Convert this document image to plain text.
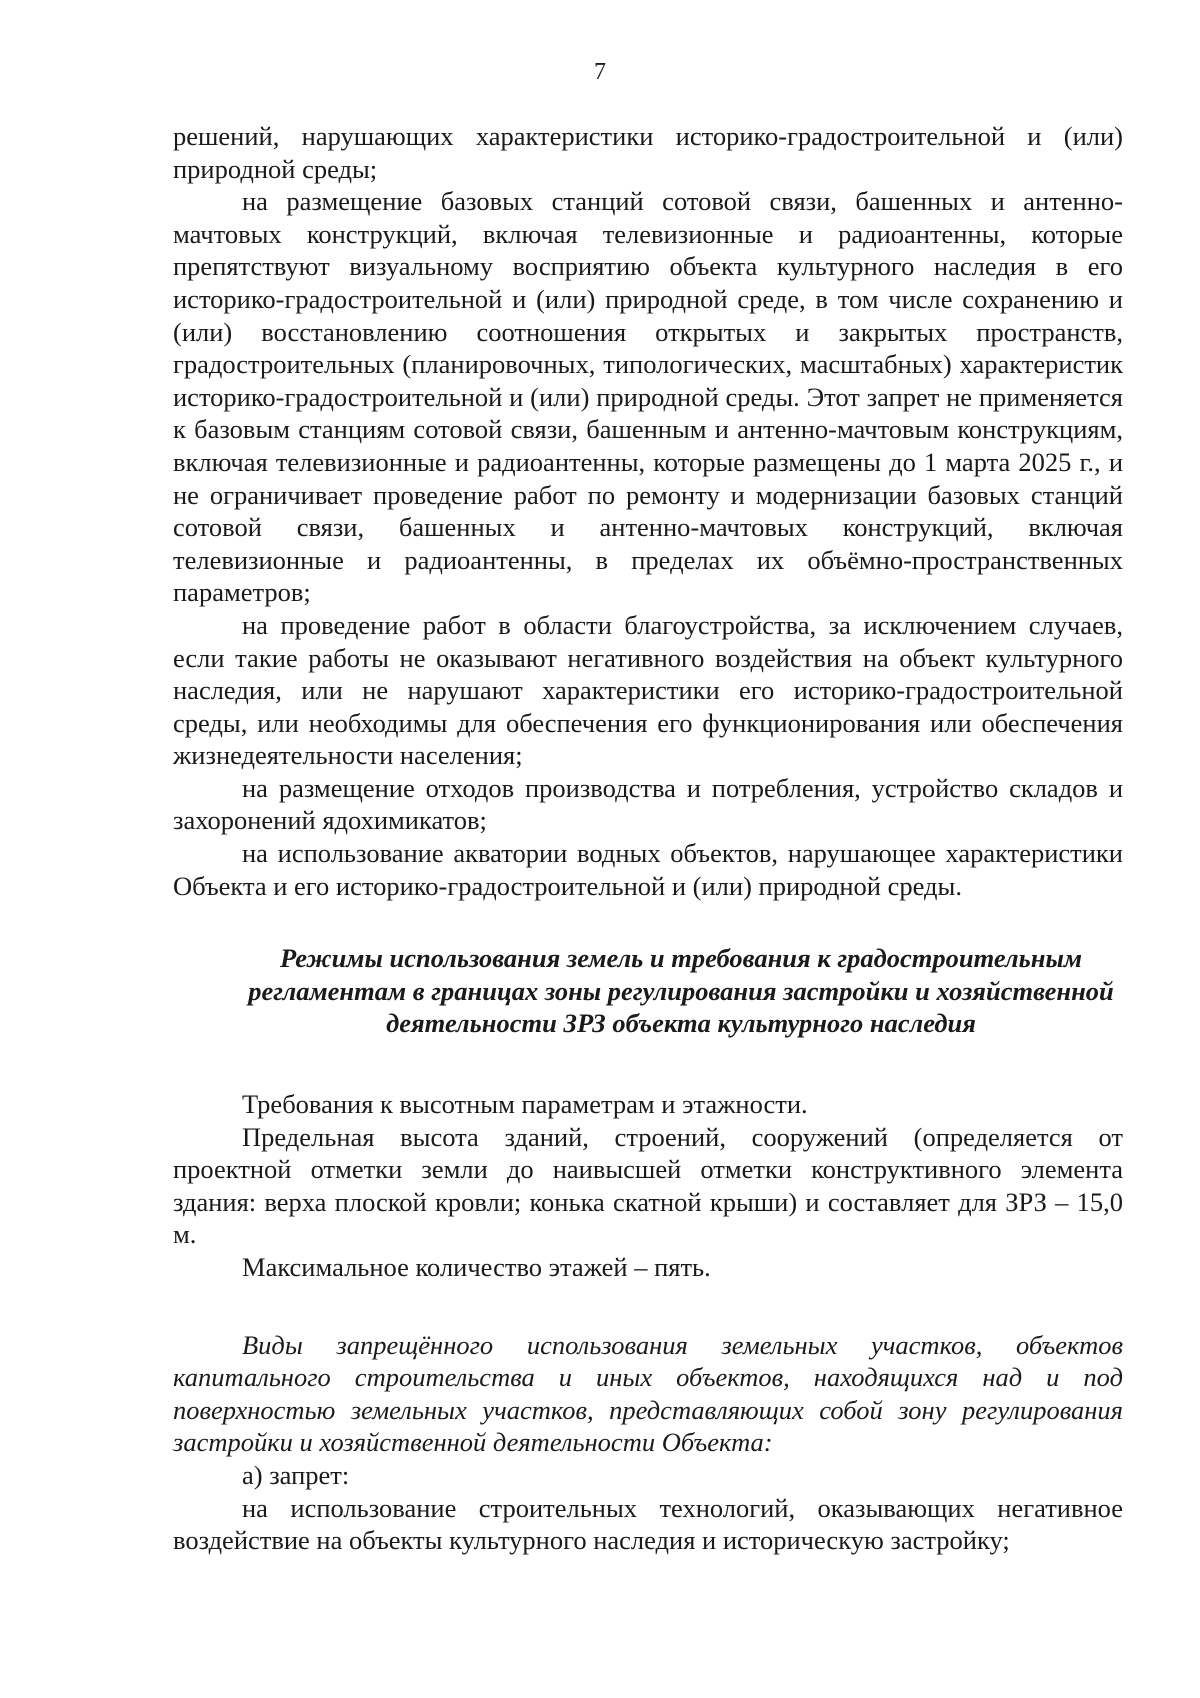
7

решений, нарушающих характеристики историко-градостроительной и (или) природной среды;

на размещение базовых станций сотовой связи, башенных и антенно-мачтовых конструкций, включая телевизионные и радиоантенны, которые препятствуют визуальному восприятию объекта культурного наследия в его историко-градостроительной и (или) природной среде, в том числе сохранению и (или) восстановлению соотношения открытых и закрытых пространств, градостроительных (планировочных, типологических, масштабных) характеристик историко-градостроительной и (или) природной среды. Этот запрет не применяется к базовым станциям сотовой связи, башенным и антенно-мачтовым конструкциям, включая телевизионные и радиоантенны, которые размещены до 1 марта 2025 г., и не ограничивает проведение работ по ремонту и модернизации базовых станций сотовой связи, башенных и антенно-мачтовых конструкций, включая телевизионные и радиоантенны, в пределах их объёмно-пространственных параметров;

на проведение работ в области благоустройства, за исключением случаев, если такие работы не оказывают негативного воздействия на объект культурного наследия, или не нарушают характеристики его историко-градостроительной среды, или необходимы для обеспечения его функционирования или обеспечения жизнедеятельности населения;

на размещение отходов производства и потребления, устройство складов и захоронений ядохимикатов;

на использование акватории водных объектов, нарушающее характеристики Объекта и его историко-градостроительной и (или) природной среды.

Режимы использования земель и требования к градостроительным
регламентам в границах зоны регулирования застройки и хозяйственной
деятельности ЗРЗ объекта культурного наследия

Требования к высотным параметрам и этажности.

Предельная высота зданий, строений, сооружений (определяется от проектной отметки земли до наивысшей отметки конструктивного элемента здания: верха плоской кровли; конька скатной крыши) и составляет для ЗРЗ – 15,0 м.

Максимальное количество этажей – пять.

Виды запрещённого использования земельных участков, объектов капитального строительства и иных объектов, находящихся над и под поверхностью земельных участков, представляющих собой зону регулирования застройки и хозяйственной деятельности Объекта:

а) запрет:

на использование строительных технологий, оказывающих негативное воздействие на объекты культурного наследия и историческую застройку;
